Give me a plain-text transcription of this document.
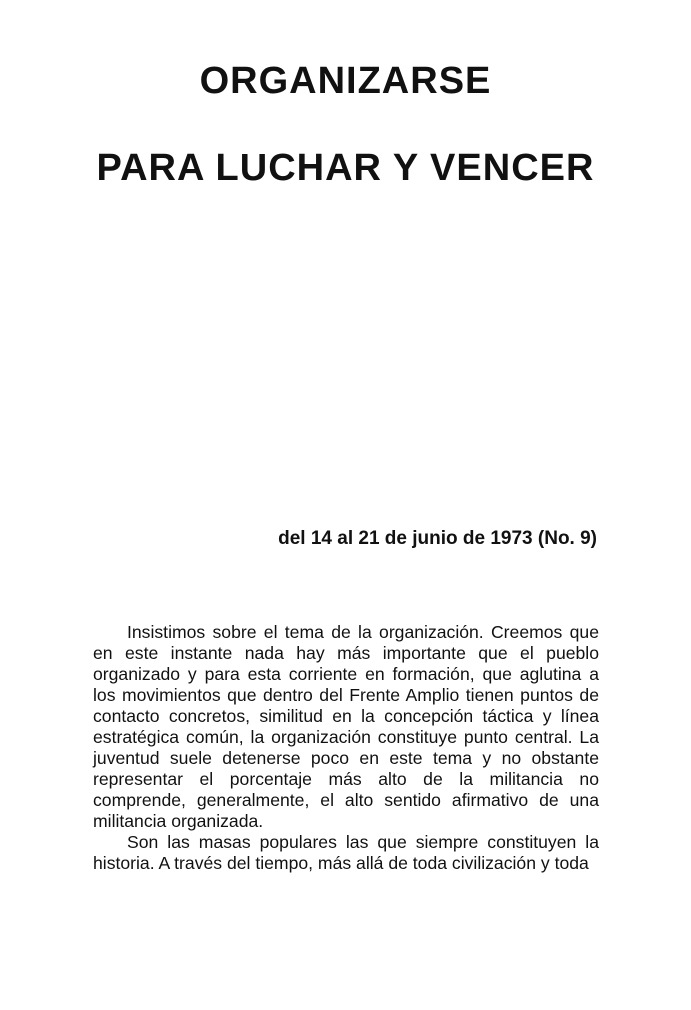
ORGANIZARSE
PARA LUCHAR Y VENCER
del 14 al 21 de junio de 1973 (No. 9)

Insistimos sobre el tema de la organización. Creemos que en este instante nada hay más importante que el pueblo organizado y para esta corriente en formación, que aglutina a los movimientos que dentro del Frente Amplio tienen puntos de contacto concretos, similitud en la concepción táctica y línea estratégica común, la organización constituye punto central. La juventud suele detenerse poco en este tema y no obstante representar el porcentaje más alto de la militancia no comprende, generalmente, el alto sentido afirmativo de una militancia organizada.

Son las masas populares las que siempre constituyen la historia. A través del tiempo, más allá de toda civilización y toda
